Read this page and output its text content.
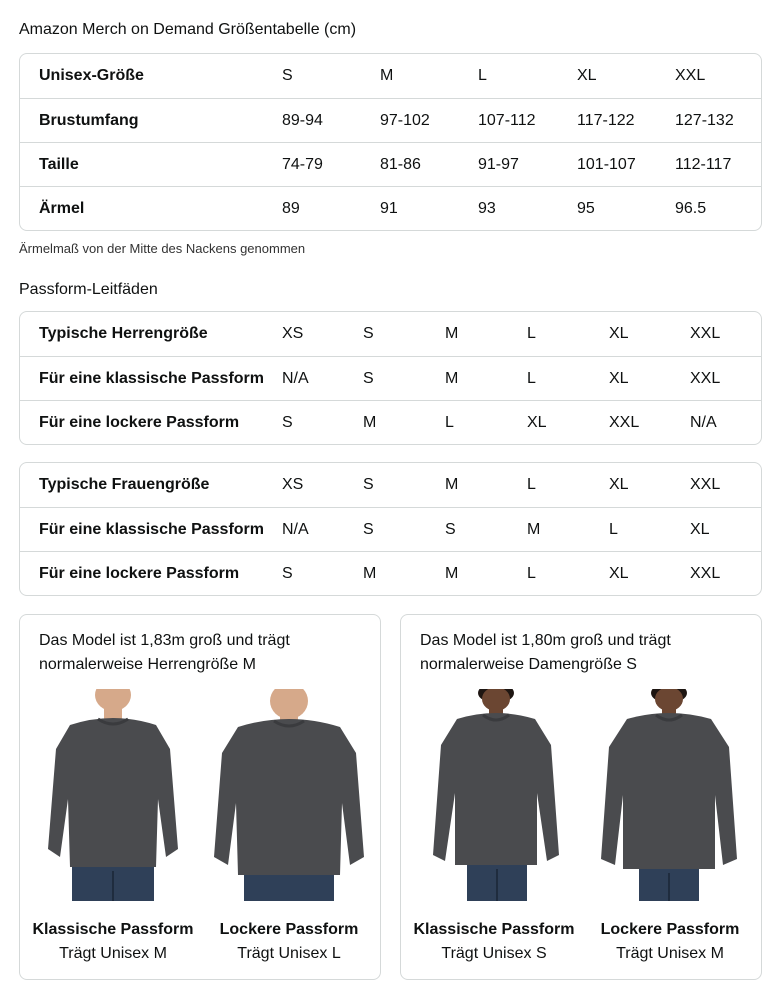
Amazon Merch on Demand Größentabelle (cm)
Unisex-Größe	S	M	L	XL	XXL
Brustumfang	89-94	97-102	107-112	117-122	127-132
Taille	74-79	81-86	91-97	101-107 112-117
Ärmel	89	91	93	95	96.5
Ärmelmaß von der Mitte des Nackens genommen
Passform-Leitfäden
Typische Herrengröße	XS	S	M	L	XL	XXL
Für eine klassische Passform N/A	S	M	L	XL	XXL
Für eine lockere Passform	S	M	L	XL	XXL	N/A
Typische Frauengröße	XS	S	M	L	XL	XXL
Für eine klassische Passform N/A	S	S	M	L	XL
Für eine lockere Passform	S	M	M	L	XL	XXL
Das Model ist 1,83m groß und trägt normalerweise Herrengröße M
Klassische Passform
Trägt Unisex M
Lockere Passform
Trägt Unisex L
Das Model ist 1,80m groß und trägt normalerweise Damengröße S
Klassische Passform
Trägt Unisex S
Lockere Passform
Trägt Unisex M
